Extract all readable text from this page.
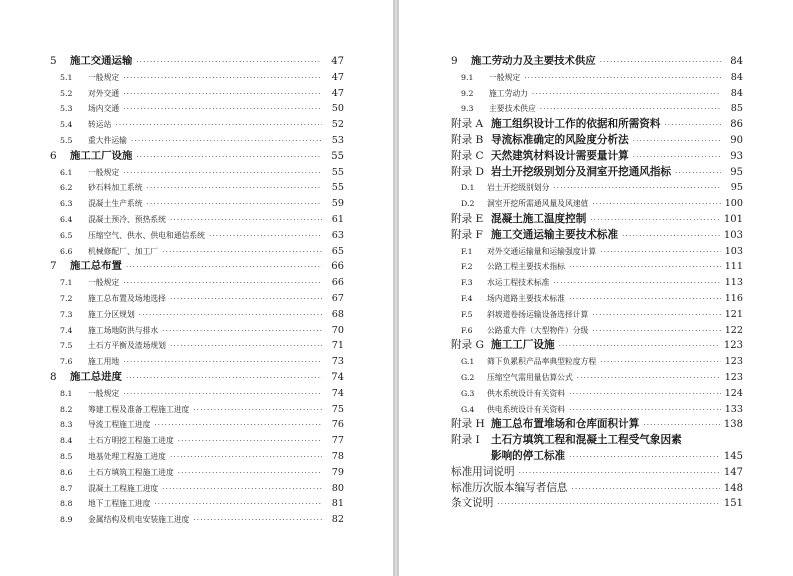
5	施工交通运输 ·····	47
5.1	一般规定 ·····	47
5.2	对外交通 ·····	47
5.3	场内交通 ·····	50
5.4	转运站 ·····	52
5.5	重大件运输 ·····	53
6	施工工厂设施 ·····	55
6.1	一般规定 ·····	55
6.2	砂石料加工系统 ·····	55
6.3	混凝土生产系统 ·····	59
6.4	混凝土预冷、预热系统 ·····	61
6.5	压缩空气、供水、供电和通信系统 ·····	63
6.6	机械修配厂、加工厂 ·····	65
7	施工总布置 ·····	66
7.1	一般规定 ·····	66
7.2	施工总布置及场地选择 ·····	67
7.3	施工分区规划 ·····	68
7.4	施工场地防洪与排水 ·····	70
7.5	土石方平衡及渣场规划 ·····	71
7.6	施工用地 ·····	73
8	施工总进度 ·····	74
8.1	一般规定 ·····	74
8.2	筹建工程及准备工程施工进度 ·····	75
8.3	导流工程施工进度 ·····	76
8.4	土石方明挖工程施工进度 ·····	77
8.5	地基处理工程施工进度 ·····	78
8.6	土石方填筑工程施工进度 ·····	79
8.7	混凝土工程施工进度 ·····	80
8.8	地下工程施工进度 ·····	81
8.9	金属结构及机电安装施工进度 ·····	82
9	施工劳动力及主要技术供应 ·····	84
9.1	一般规定 ·····	84
9.2	施工劳动力 ·····	84
9.3	主要技术供应 ·····	85
附录 A 施工组织设计工作的依据和所需资料 ·····	86
附录 B 导流标准确定的风险度分析法 ·····	90
附录 C 天然建筑材料设计需要量计算 ·····	93
附录 D 岩土开挖级别划分及洞室开挖通风指标 ·····	95
D.1	岩土开挖级别划分 ·····	95
D.2	洞室开挖所需通风量及风速值 ·····	100
附录 E 混凝土施工温度控制 ·····	101
附录 F 施工交通运输主要技术标准 ·····	103
F.1	对外交通运输量和运输强度计算 ·····	103
F.2	公路工程主要技术指标 ·····	111
F.3	水运工程技术标准 ·····	113
F.4	场内道路主要技术标准 ·····	116
F.5	斜坡道卷扬运输设备选择计算 ·····	121
F.6	公路重大件（大型物件）分级 ·····	122
附录 G 施工工厂设施 ·····	123
G.1	筛下负累积产品率典型粒度方程 ·····	123
G.2	压缩空气需用量估算公式 ·····	123
G.3	供水系统设计有关资料 ·····	124
G.4	供电系统设计有关资料 ·····	133
附录 H 施工总布置堆场和仓库面积计算 ·····	138
附录 I	土石方填筑工程和混凝土工程受气象因素
影响的停工标准 ·····	145
标准用词说明 ·····	147
标准历次版本编写者信息 ·····	148
条文说明 ·····	151
